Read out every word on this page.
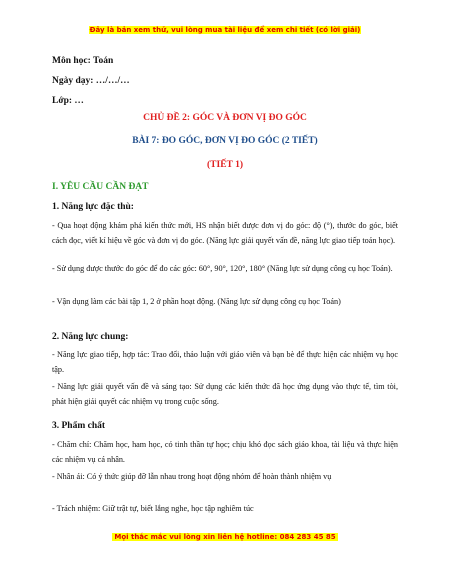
Đây là bản xem thử, vui lòng mua tài liệu để xem chi tiết (có lời giải)
Môn học: Toán
Ngày dạy: …/…/…
Lớp: …
CHỦ ĐỀ 2: GÓC VÀ ĐƠN VỊ ĐO GÓC
BÀI 7: ĐO GÓC, ĐƠN VỊ ĐO GÓC (2 TIẾT)
(TIẾT 1)
I. YÊU CẦU CẦN ĐẠT
1. Năng lực đặc thù:
- Qua hoạt động khám phá kiến thức mới, HS nhận biết được đơn vị đo góc: độ (°), thước đo góc, biết cách đọc, viết kí hiệu về góc và đơn vị đo góc. (Năng lực giải quyết vấn đề, năng lực giao tiếp toán học).
- Sử dụng được thước đo góc để đo các góc: 60°, 90°, 120°, 180° (Năng lực sử dụng công cụ học Toán).
- Vận dụng làm các bài tập 1, 2 ở phần hoạt động. (Năng lực sử dụng công cụ học Toán)
2. Năng lực chung:
- Năng lực giao tiếp, hợp tác: Trao đổi, thảo luận với giáo viên và bạn bè để thực hiện các nhiệm vụ học tập.
- Năng lực giải quyết vấn đề và sáng tạo: Sử dụng các kiến thức đã học ứng dụng vào thực tế, tìm tòi, phát hiện giải quyết các nhiệm vụ trong cuộc sống.
3. Phẩm chất
- Chăm chỉ: Chăm học, ham học, có tinh thần tự học; chịu khó đọc sách giáo khoa, tài liệu và thực hiện các nhiệm vụ cá nhân.
- Nhân ái: Có ý thức giúp đỡ lẫn nhau trong hoạt động nhóm để hoàn thành nhiệm vụ
- Trách nhiệm: Giữ trật tự, biết lắng nghe, học tập nghiêm túc
Mọi thắc mắc vui lòng xin liên hệ hotline: 084 283 45 85
